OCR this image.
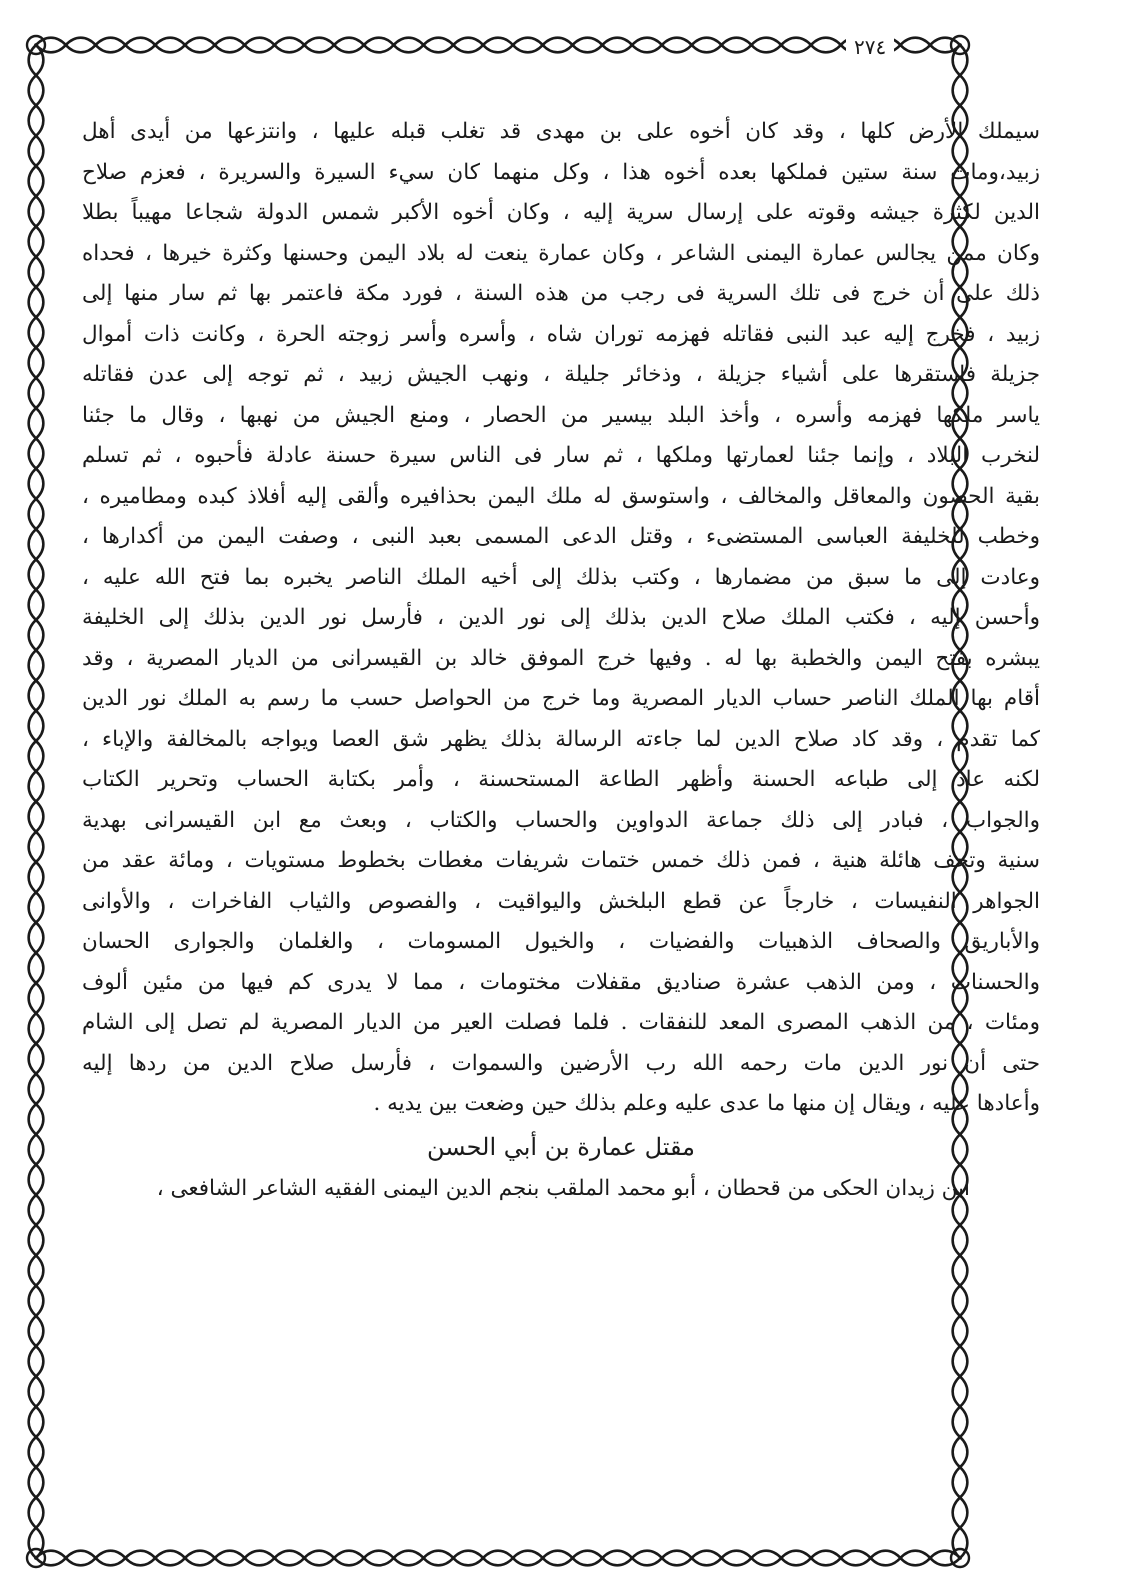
٢٧٤
سيملك الأرض كلها ، وقد كان أخوه على بن مهدى قد تغلب قبله عليها ، وانتزعها من أيدى أهل
زبيد،ومات سنة ستين فملكها بعده أخوه هذا ، وكل منهما كان سيء السيرة والسريرة ، فعزم صلاح
الدين لكثرة جيشه وقوته على إرسال سرية إليه ، وكان أخوه الأكبر شمس الدولة شجاعا مهيباً بطلا
وكان ممن يجالس عمارة اليمنى الشاعر ، وكان عمارة ينعت له بلاد اليمن وحسنها وكثرة خيرها ، فحداه
ذلك على أن خرج فى تلك السرية فى رجب من هذه السنة ، فورد مكة فاعتمر بها ثم سار منها إلى
زبيد ، فخرج إليه عبد النبى فقاتله فهزمه توران شاه ، وأسره وأسر زوجته الحرة ، وكانت ذات أموال
جزيلة فاستقرها على أشياء جزيلة ، وذخائر جليلة ، ونهب الجيش زبيد ، ثم توجه إلى عدن فقاتله
ياسر ملكها فهزمه وأسره ، وأخذ البلد بيسير من الحصار ، ومنع الجيش من نهبها ، وقال ما جئنا
لنخرب البلاد ، وإنما جئنا لعمارتها وملكها ، ثم سار فى الناس سيرة حسنة عادلة فأحبوه ، ثم تسلم
بقية الحصون والمعاقل والمخالف ، واستوسق له ملك اليمن بحذافيره وألقى إليه أفلاذ كبده ومطاميره ،
وخطب للخليفة العباسى المستضىء ، وقتل الدعى المسمى بعبد النبى ، وصفت اليمن من أكدارها ،
وعادت إلى ما سبق من مضمارها ، وكتب بذلك إلى أخيه الملك الناصر يخبره بما فتح الله عليه ،
وأحسن إليه ، فكتب الملك صلاح الدين بذلك إلى نور الدين ، فأرسل نور الدين بذلك إلى الخليفة
يبشره بفتح اليمن والخطبة بها له . وفيها خرج الموفق خالد بن القيسرانى من الديار المصرية ، وقد
أقام بها الملك الناصر حساب الديار المصرية وما خرج من الحواصل حسب ما رسم به الملك نور الدين
كما تقدم ، وقد كاد صلاح الدين لما جاءته الرسالة بذلك يظهر شق العصا ويواجه بالمخالفة والإباء ،
لكنه عاد إلى طباعه الحسنة وأظهر الطاعة المستحسنة ، وأمر بكتابة الحساب وتحرير الكتاب
والجواب ، فبادر إلى ذلك جماعة الدواوين والحساب والكتاب ، وبعث مع ابن القيسرانى بهدية
سنية وتحف هائلة هنية ، فمن ذلك خمس ختمات شريفات مغطات بخطوط مستويات ، ومائة عقد من
الجواهر النفيسات ، خارجاً عن قطع البلخش واليواقيت ، والفصوص والثياب الفاخرات ، والأوانى
والأباريق والصحاف الذهبيات والفضيات ، والخيول المسومات ، والغلمان والجوارى الحسان
والحسنات ، ومن الذهب عشرة صناديق مقفلات مختومات ، مما لا يدرى كم فيها من مئين ألوف
ومئات ، من الذهب المصرى المعد للنفقات . فلما فصلت العير من الديار المصرية لم تصل إلى الشام
حتى أن نور الدين مات رحمه الله رب الأرضين والسموات ، فأرسل صلاح الدين من ردها إليه
وأعادها عليه ، ويقال إن منها ما عدى عليه وعلم بذلك حين وضعت بين يديه .
مقتل عمارة بن أبي الحسن
ابن زيدان الحكى من قحطان ، أبو محمد الملقب بنجم الدين اليمنى الفقيه الشاعر الشافعى ،
